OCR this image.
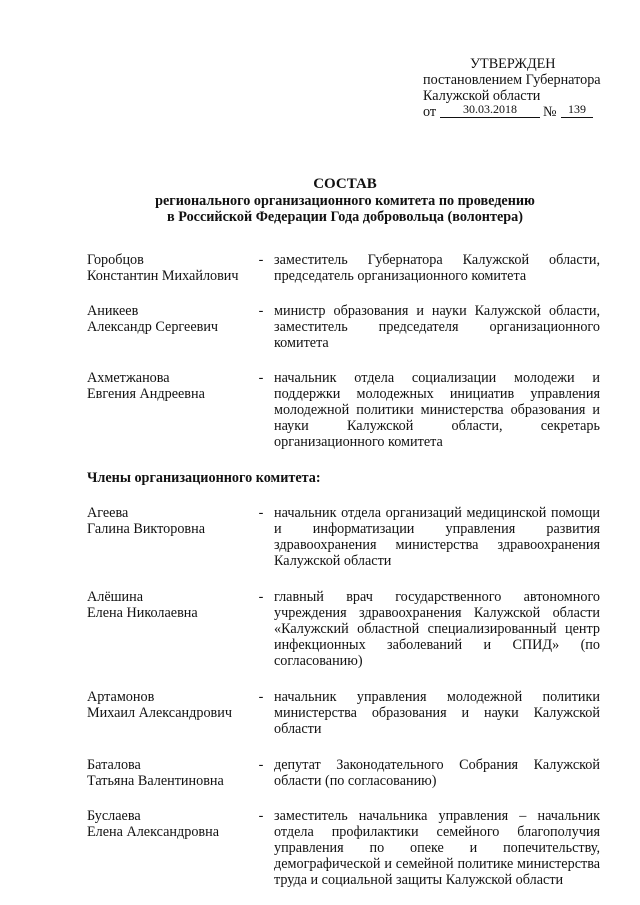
УТВЕРЖДЕН
постановлением Губернатора
Калужской области
от	30.03.2018	№ 139
СОСТАВ
регионального организационного комитета по проведению
в Российской Федерации Года добровольца (волонтера)
Горобцов
Константин Михайлович
- заместитель Губернатора Калужской области, председатель организационного комитета
Аникеев
Александр Сергеевич
- министр образования и науки Калужской области, заместитель председателя организационного комитета
Ахметжанова
Евгения Андреевна
- начальник отдела социализации молодежи и поддержки молодежных инициатив управления молодежной политики министерства образования и науки Калужской области, секретарь организационного комитета
Члены организационного комитета:
Агеева
Галина Викторовна
- начальник отдела организаций медицинской помощи и информатизации управления развития здравоохранения министерства здравоохранения Калужской области
Алёшина
Елена Николаевна
- главный врач государственного автономного учреждения здравоохранения Калужской области «Калужский областной специализированный центр инфекционных заболеваний и СПИД» (по согласованию)
Артамонов
Михаил Александрович
- начальник управления молодежной политики министерства образования и науки Калужской области
Баталова
Татьяна Валентиновна
- депутат Законодательного Собрания Калужской области (по согласованию)
Буслаева
Елена Александровна
- заместитель начальника управления – начальник отдела профилактики семейного благополучия управления по опеке и попечительству, демографической и семейной политике министерства труда и социальной защиты Калужской области
